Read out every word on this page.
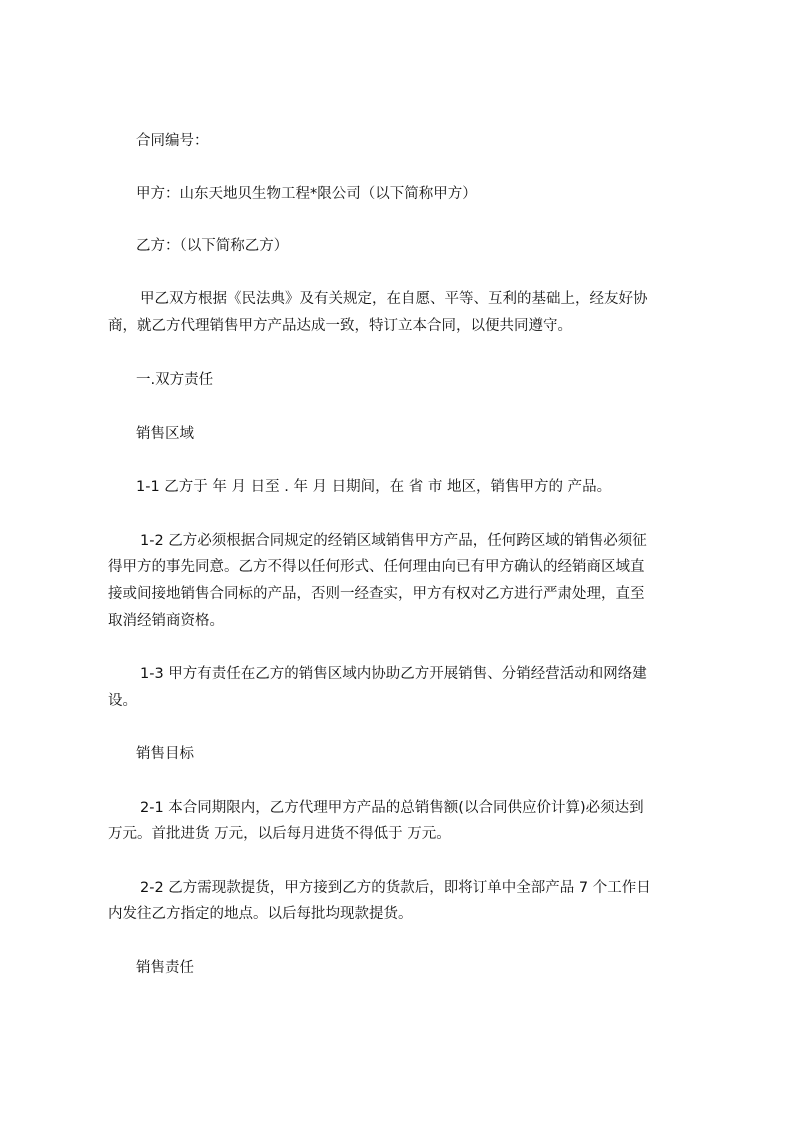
合同编号：

甲方：山东天地贝生物工程*限公司（以下简称甲方）

乙方：（以下简称乙方）

甲乙双方根据《民法典》及有关规定，在自愿、平等、互利的基础上，经友好协

商，就乙方代理销售甲方产品达成一致，特订立本合同，以便共同遵守。

一.双方责任

销售区域

1-1 乙方于 年 月 日至 . 年 月 日期间，在 省 市 地区，销售甲方的 产品。

1-2 乙方必须根据合同规定的经销区域销售甲方产品，任何跨区域的销售必须征

得甲方的事先同意。乙方不得以任何形式、任何理由向已有甲方确认的经销商区域直

接或间接地销售合同标的产品，否则一经查实，甲方有权对乙方进行严肃处理，直至

取消经销商资格。

1-3 甲方有责任在乙方的销售区域内协助乙方开展销售、分销经营活动和网络建

设。

销售目标

2-1 本合同期限内，乙方代理甲方产品的总销售额(以合同供应价计算)必须达到

万元。首批进货 万元，以后每月进货不得低于 万元。

2-2 乙方需现款提货，甲方接到乙方的货款后，即将订单中全部产品 7 个工作日

内发往乙方指定的地点。以后每批均现款提货。

销售责任
